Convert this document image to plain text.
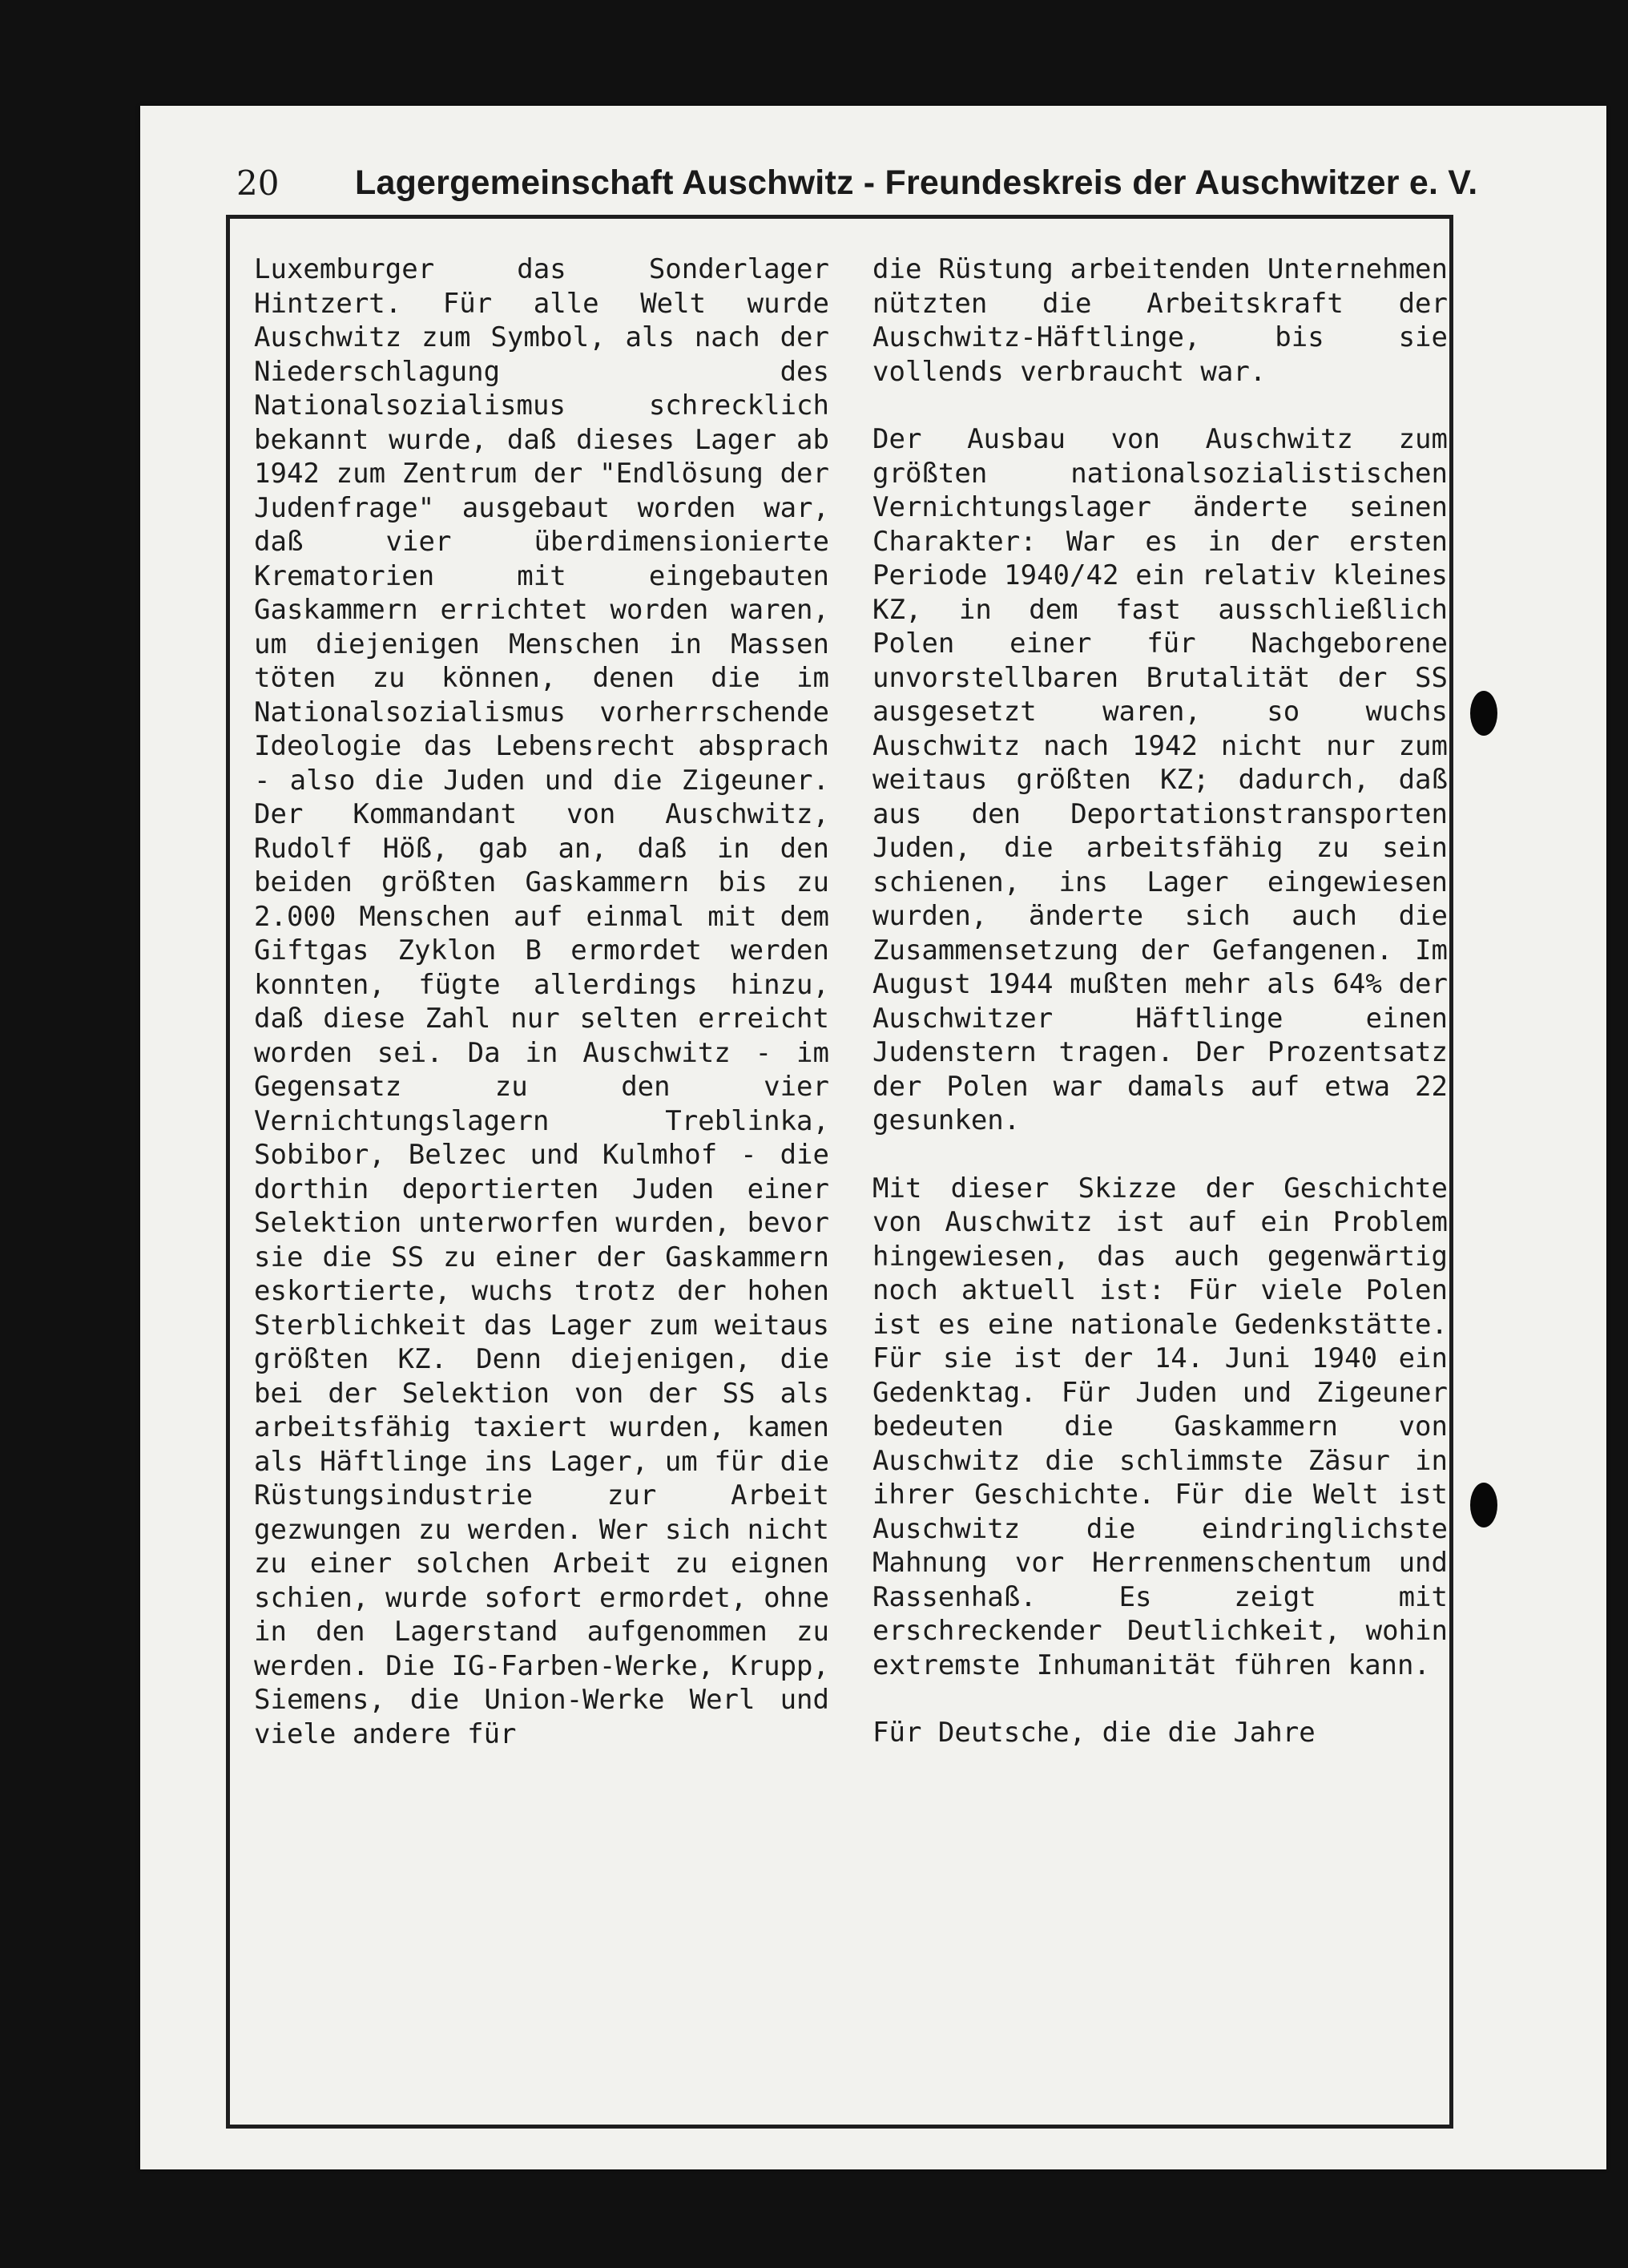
20 Lagergemeinschaft Auschwitz - Freundeskreis der Auschwitzer e. V.

Luxemburger das Sonderlager Hintzert. Für alle Welt wurde Auschwitz zum Symbol, als nach der Niederschlagung des Nationalsozialismus schrecklich bekannt wurde, daß dieses Lager ab 1942 zum Zentrum der "Endlösung der Judenfrage" ausgebaut worden war, daß vier überdimensionierte Krematorien mit eingebauten Gaskammern errichtet worden waren, um diejenigen Menschen in Massen töten zu können, denen die im Nationalsozialismus vorherrschende Ideologie das Lebensrecht absprach - also die Juden und die Zigeuner. Der Kommandant von Auschwitz, Rudolf Höß, gab an, daß in den beiden größten Gaskammern bis zu 2.000 Menschen auf einmal mit dem Giftgas Zyklon B ermordet werden konnten, fügte allerdings hinzu, daß diese Zahl nur selten erreicht worden sei. Da in Auschwitz - im Gegensatz zu den vier Vernichtungslagern Treblinka, Sobibor, Belzec und Kulmhof - die dorthin deportierten Juden einer Selektion unterworfen wurden, bevor sie die SS zu einer der Gaskammern eskortierte, wuchs trotz der hohen Sterblichkeit das Lager zum weitaus größten KZ. Denn diejenigen, die bei der Selektion von der SS als arbeitsfähig taxiert wurden, kamen als Häftlinge ins Lager, um für die Rüstungsindustrie zur Arbeit gezwungen zu werden. Wer sich nicht zu einer solchen Arbeit zu eignen schien, wurde sofort ermordet, ohne in den Lagerstand aufgenommen zu werden. Die IG-Farben-Werke, Krupp, Siemens, die Union-Werke Werl und viele andere für

die Rüstung arbeitenden Unternehmen nützten die Arbeitskraft der Auschwitz-Häftlinge, bis sie vollends verbraucht war.

Der Ausbau von Auschwitz zum größten nationalsozialistischen Vernichtungslager änderte seinen Charakter: War es in der ersten Periode 1940/42 ein relativ kleines KZ, in dem fast ausschließlich Polen einer für Nachgeborene unvorstellbaren Brutalität der SS ausgesetzt waren, so wuchs Auschwitz nach 1942 nicht nur zum weitaus größten KZ; dadurch, daß aus den Deportationstransporten Juden, die arbeitsfähig zu sein schienen, ins Lager eingewiesen wurden, änderte sich auch die Zusammensetzung der Gefangenen. Im August 1944 mußten mehr als 64% der Auschwitzer Häftlinge einen Judenstern tragen. Der Prozentsatz der Polen war damals auf etwa 22 gesunken.

Mit dieser Skizze der Geschichte von Auschwitz ist auf ein Problem hingewiesen, das auch gegenwärtig noch aktuell ist: Für viele Polen ist es eine nationale Gedenkstätte. Für sie ist der 14. Juni 1940 ein Gedenktag. Für Juden und Zigeuner bedeuten die Gaskammern von Auschwitz die schlimmste Zäsur in ihrer Geschichte. Für die Welt ist Auschwitz die eindringlichste Mahnung vor Herrenmenschentum und Rassenhaß. Es zeigt mit erschreckender Deutlichkeit, wohin extremste Inhumanität führen kann.

Für Deutsche, die die Jahre
